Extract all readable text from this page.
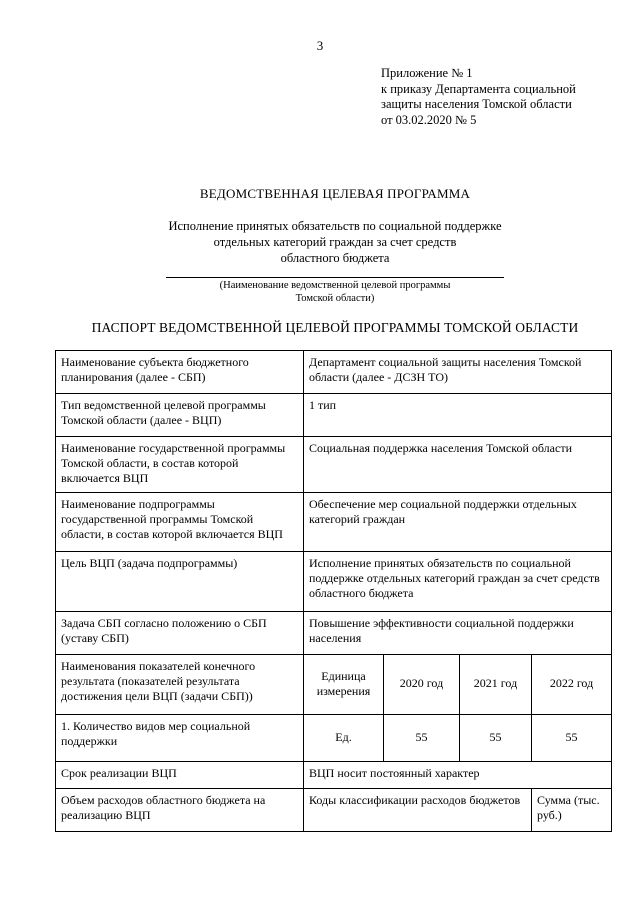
3
Приложение № 1
к приказу Департамента социальной
защиты населения Томской области
от 03.02.2020 № 5
ВЕДОМСТВЕННАЯ ЦЕЛЕВАЯ ПРОГРАММА
Исполнение принятых обязательств по социальной поддержке
отдельных категорий граждан за счет средств
областного бюджета
(Наименование ведомственной целевой программы
Томской области)
ПАСПОРТ ВЕДОМСТВЕННОЙ ЦЕЛЕВОЙ ПРОГРАММЫ ТОМСКОЙ ОБЛАСТИ
Наименование субъекта бюджетного планирования (далее - СБП)	Департамент социальной защиты населения Томской области (далее - ДСЗН ТО)			
Тип ведомственной целевой программы Томской области (далее - ВЦП)	1 тип			
Наименование государственной программы Томской области, в состав которой включается ВЦП	Социальная поддержка населения Томской области			
Наименование подпрограммы государственной программы Томской области, в состав которой включается ВЦП	Обеспечение мер социальной поддержки отдельных категорий граждан			
Цель ВЦП (задача подпрограммы)	Исполнение принятых обязательств по социальной поддержке отдельных категорий граждан за счет средств областного бюджета			
Задача СБП согласно положению о СБП (уставу СБП)	Повышение эффективности социальной поддержки населения			
Наименования показателей конечного результата (показателей результата достижения цели ВЦП (задачи СБП))	Единица измерения	2020 год	2021 год	2022 год
1. Количество видов мер социальной поддержки	Ед.	55	55	55
Срок реализации ВЦП	ВЦП носит постоянный характер			
Объем расходов областного бюджета на реализацию ВЦП	Коды классификации расходов бюджетов			Сумма (тыс. руб.)
